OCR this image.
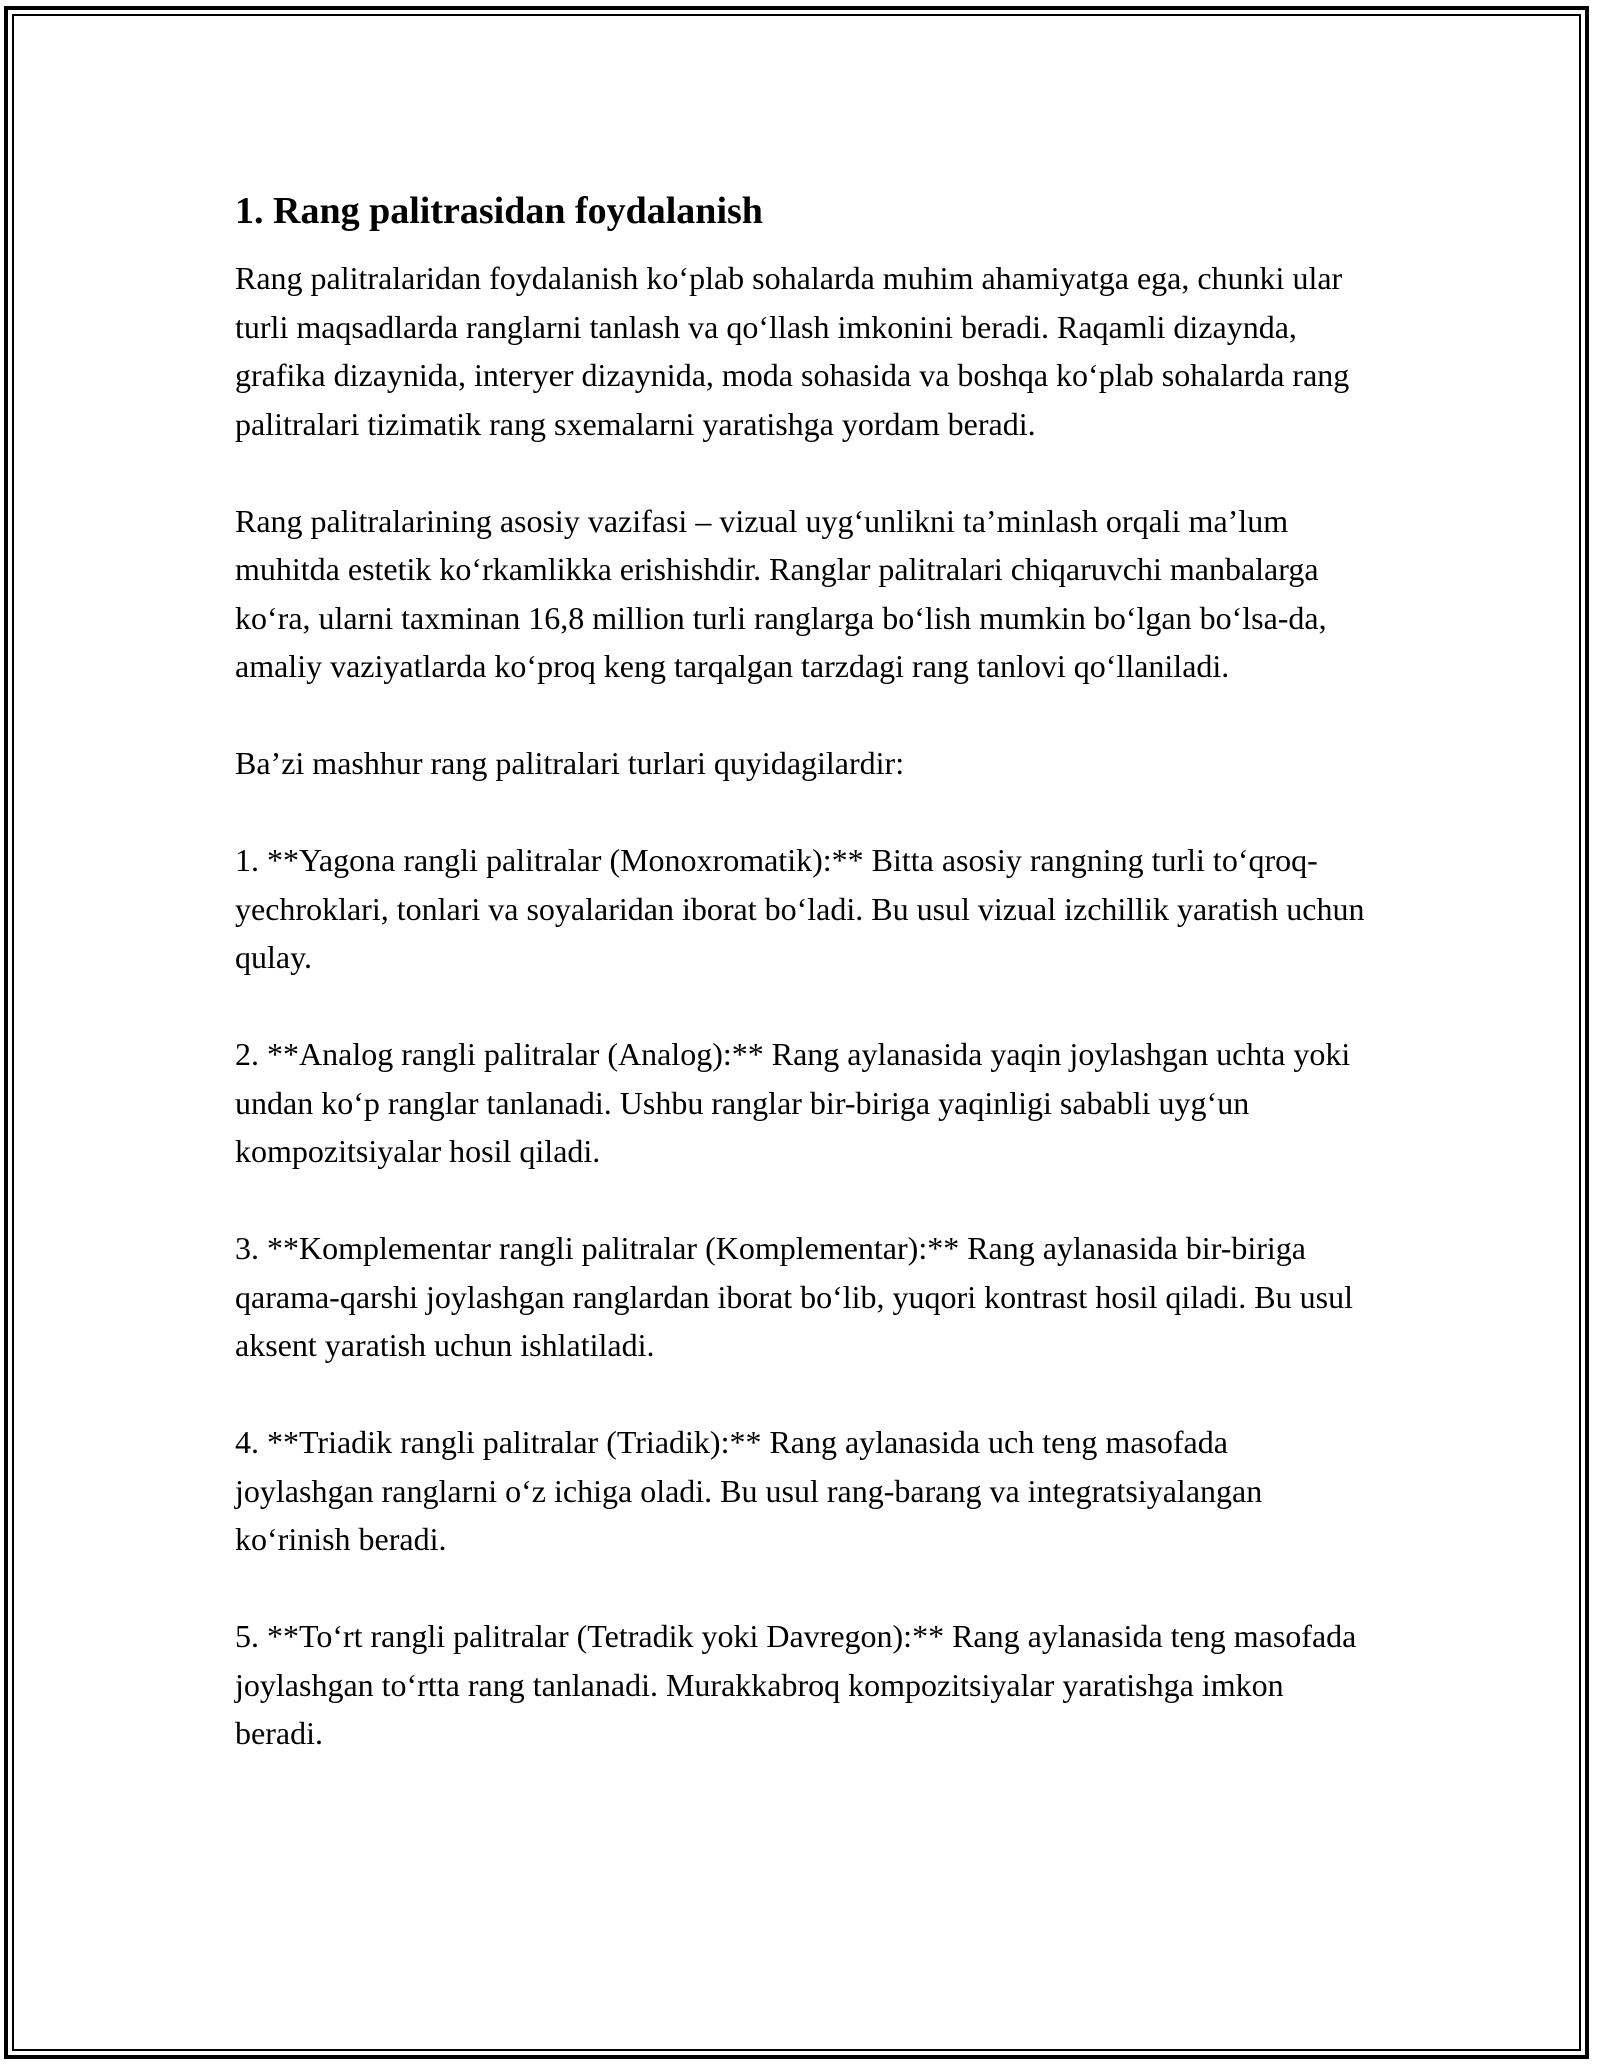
1. Rang palitrasidan foydalanish

Rang palitralaridan foydalanish ko‘plab sohalarda muhim ahamiyatga ega, chunki ular turli maqsadlarda ranglarni tanlash va qo‘llash imkonini beradi. Raqamli dizaynda, grafika dizaynida, interyer dizaynida, moda sohasida va boshqa ko‘plab sohalarda rang palitralari tizimatik rang sxemalarni yaratishga yordam beradi.

Rang palitralarining asosiy vazifasi – vizual uyg‘unlikni ta’minlash orqali ma’lum muhitda estetik ko‘rkamlikka erishishdir. Ranglar palitralari chiqaruvchi manbalarga ko‘ra, ularni taxminan 16,8 million turli ranglarga bo‘lish mumkin bo‘lgan bo‘lsa-da, amaliy vaziyatlarda ko‘proq keng tarqalgan tarzdagi rang tanlovi qo‘llaniladi.

Ba’zi mashhur rang palitralari turlari quyidagilardir:

1. **Yagona rangli palitralar (Monoxromatik):** Bitta asosiy rangning turli to‘qroq-yechroklari, tonlari va soyalaridan iborat bo‘ladi. Bu usul vizual izchillik yaratish uchun qulay.

2. **Analog rangli palitralar (Analog):** Rang aylanasida yaqin joylashgan uchta yoki undan ko‘p ranglar tanlanadi. Ushbu ranglar bir-biriga yaqinligi sababli uyg‘un kompozitsiyalar hosil qiladi.

3. **Komplementar rangli palitralar (Komplementar):** Rang aylanasida bir-biriga qarama-qarshi joylashgan ranglardan iborat bo‘lib, yuqori kontrast hosil qiladi. Bu usul aksent yaratish uchun ishlatiladi.

4. **Triadik rangli palitralar (Triadik):** Rang aylanasida uch teng masofada joylashgan ranglarni o‘z ichiga oladi. Bu usul rang-barang va integratsiyalangan ko‘rinish beradi.

5. **To‘rt rangli palitralar (Tetradik yoki Davregon):** Rang aylanasida teng masofada joylashgan to‘rtta rang tanlanadi. Murakkabroq kompozitsiyalar yaratishga imkon beradi.
